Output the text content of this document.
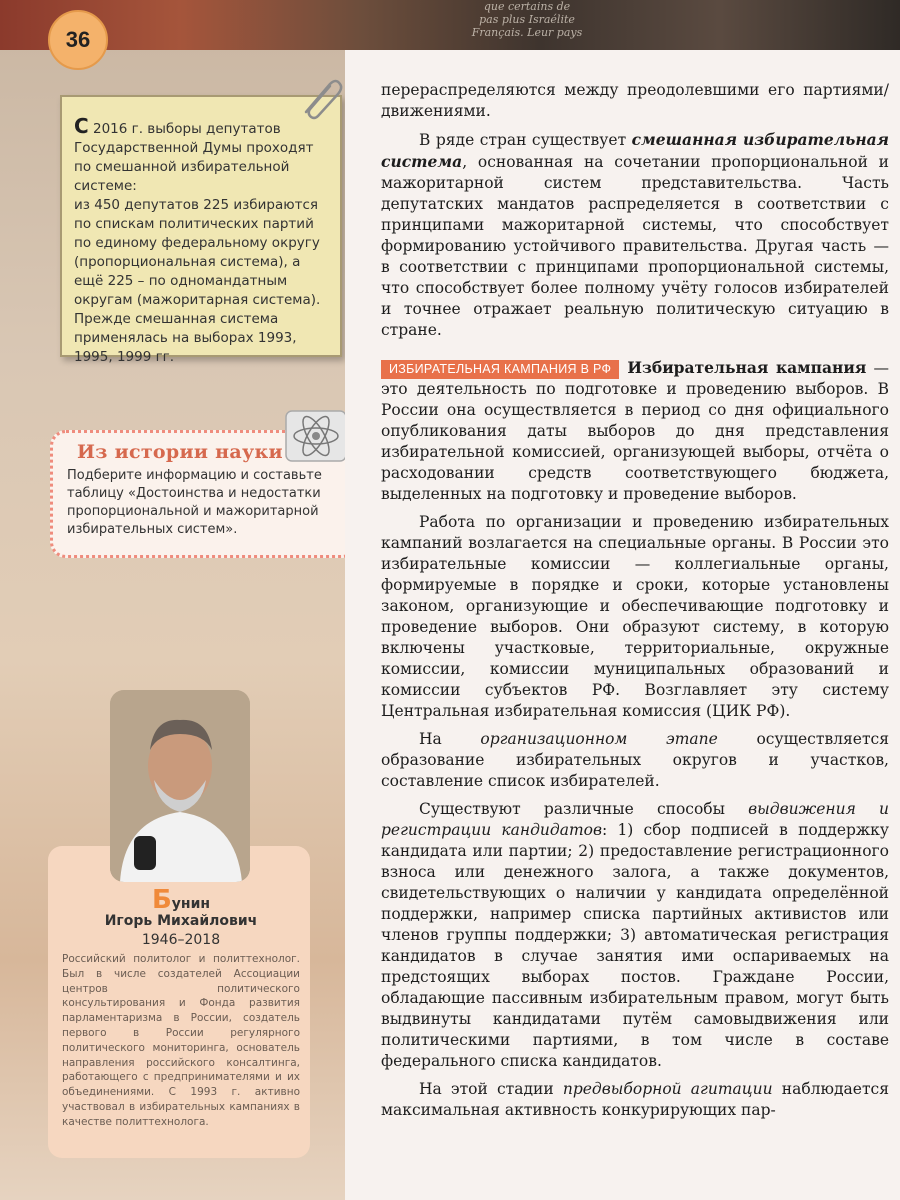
que certains de
pas plus Israélite
Français. Leur pays
36

С 2016 г. выборы депутатов Государственной Думы проходят по смешанной избирательной системе:

из 450 депутатов 225 избираются по спискам политических партий по единому федеральному округу (пропорциональная система), а ещё 225 – по одномандатным округам (мажоритарная система).

Прежде смешанная система применялась на выборах 1993, 1995, 1999 гг.

Из истории науки
Подберите информацию и составьте таблицу «Достоинства и недостатки пропорциональной и мажоритарной избирательных систем».
Бунин
Игорь Михайлович
1946–2018
Российский политолог и политтехнолог. Был в числе создателей Ассоциации центров политического консультирования и Фонда развития парламентаризма в России, создатель первого в России регулярного политического мониторинга, основатель направления российского консалтинга, работающего с предпринимателями и их объединениями. С 1993 г. активно участвовал в избирательных кампаниях в качестве политтехнолога.

перераспределяются между преодолевшими его партиями/движениями.

В ряде стран существует смешанная избирательная система, основанная на сочетании пропорциональной и мажоритарной систем представительства. Часть депутатских мандатов распределяется в соответствии с принципами мажоритарной системы, что способствует формированию устойчивого правительства. Другая часть — в соответствии с принципами пропорциональной системы, что способствует более полному учёту голосов избирателей и точнее отражает реальную политическую ситуацию в стране.

ИЗБИРАТЕЛЬНАЯ КАМПАНИЯ В РФ Избирательная кампания — это деятельность по подготовке и проведению выборов. В России она осуществляется в период со дня официального опубликования даты выборов до дня представления избирательной комиссией, организующей выборы, отчёта о расходовании средств соответствующего бюджета, выделенных на подготовку и проведение выборов.

Работа по организации и проведению избирательных кампаний возлагается на специальные органы. В России это избирательные комиссии — коллегиальные органы, формируемые в порядке и сроки, которые установлены законом, организующие и обеспечивающие подготовку и проведение выборов. Они образуют систему, в которую включены участковые, территориальные, окружные комиссии, комиссии муниципальных образований и комиссии субъектов РФ. Возглавляет эту систему Центральная избирательная комиссия (ЦИК РФ).

На организационном этапе осуществляется образование избирательных округов и участков, составление список избирателей.

Существуют различные способы выдвижения и регистрации кандидатов: 1) сбор подписей в поддержку кандидата или партии; 2) предоставление регистрационного взноса или денежного залога, а также документов, свидетельствующих о наличии у кандидата определённой поддержки, например списка партийных активистов или членов группы поддержки; 3) автоматическая регистрация кандидатов в случае занятия ими оспариваемых на предстоящих выборах постов. Граждане России, обладающие пассивным избирательным правом, могут быть выдвинуты кандидатами путём самовыдвижения или политическими партиями, в том числе в составе федерального списка кандидатов.

На этой стадии предвыборной агитации наблюдается максимальная активность конкурирующих пар-
